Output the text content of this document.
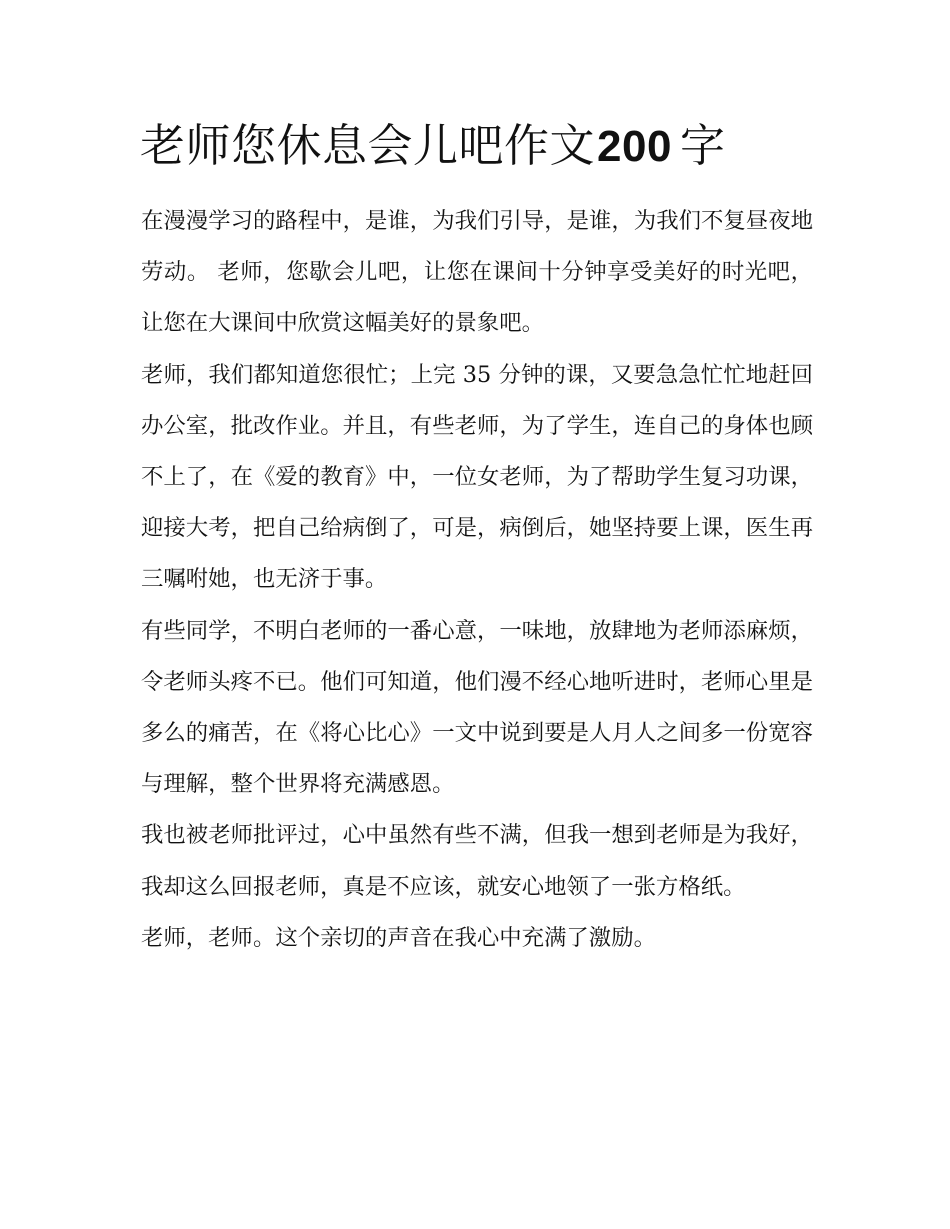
老师您休息会儿吧作文200 字

在漫漫学习的路程中，是谁，为我们引导，是谁，为我们不复昼夜地劳动。 老师，您歇会儿吧，让您在课间十分钟享受美好的时光吧，让您在大课间中欣赏这幅美好的景象吧。

老师，我们都知道您很忙；上完 35 分钟的课，又要急急忙忙地赶回办公室，批改作业。并且，有些老师，为了学生，连自己的身体也顾不上了，在《爱的教育》中，一位女老师，为了帮助学生复习功课，迎接大考，把自己给病倒了，可是，病倒后，她坚持要上课，医生再三嘱咐她，也无济于事。

有些同学，不明白老师的一番心意，一味地，放肆地为老师添麻烦，令老师头疼不已。他们可知道，他们漫不经心地听进时，老师心里是多么的痛苦，在《将心比心》一文中说到要是人月人之间多一份宽容与理解，整个世界将充满感恩。

我也被老师批评过，心中虽然有些不满，但我一想到老师是为我好，我却这么回报老师，真是不应该，就安心地领了一张方格纸。

老师，老师。这个亲切的声音在我心中充满了激励。
